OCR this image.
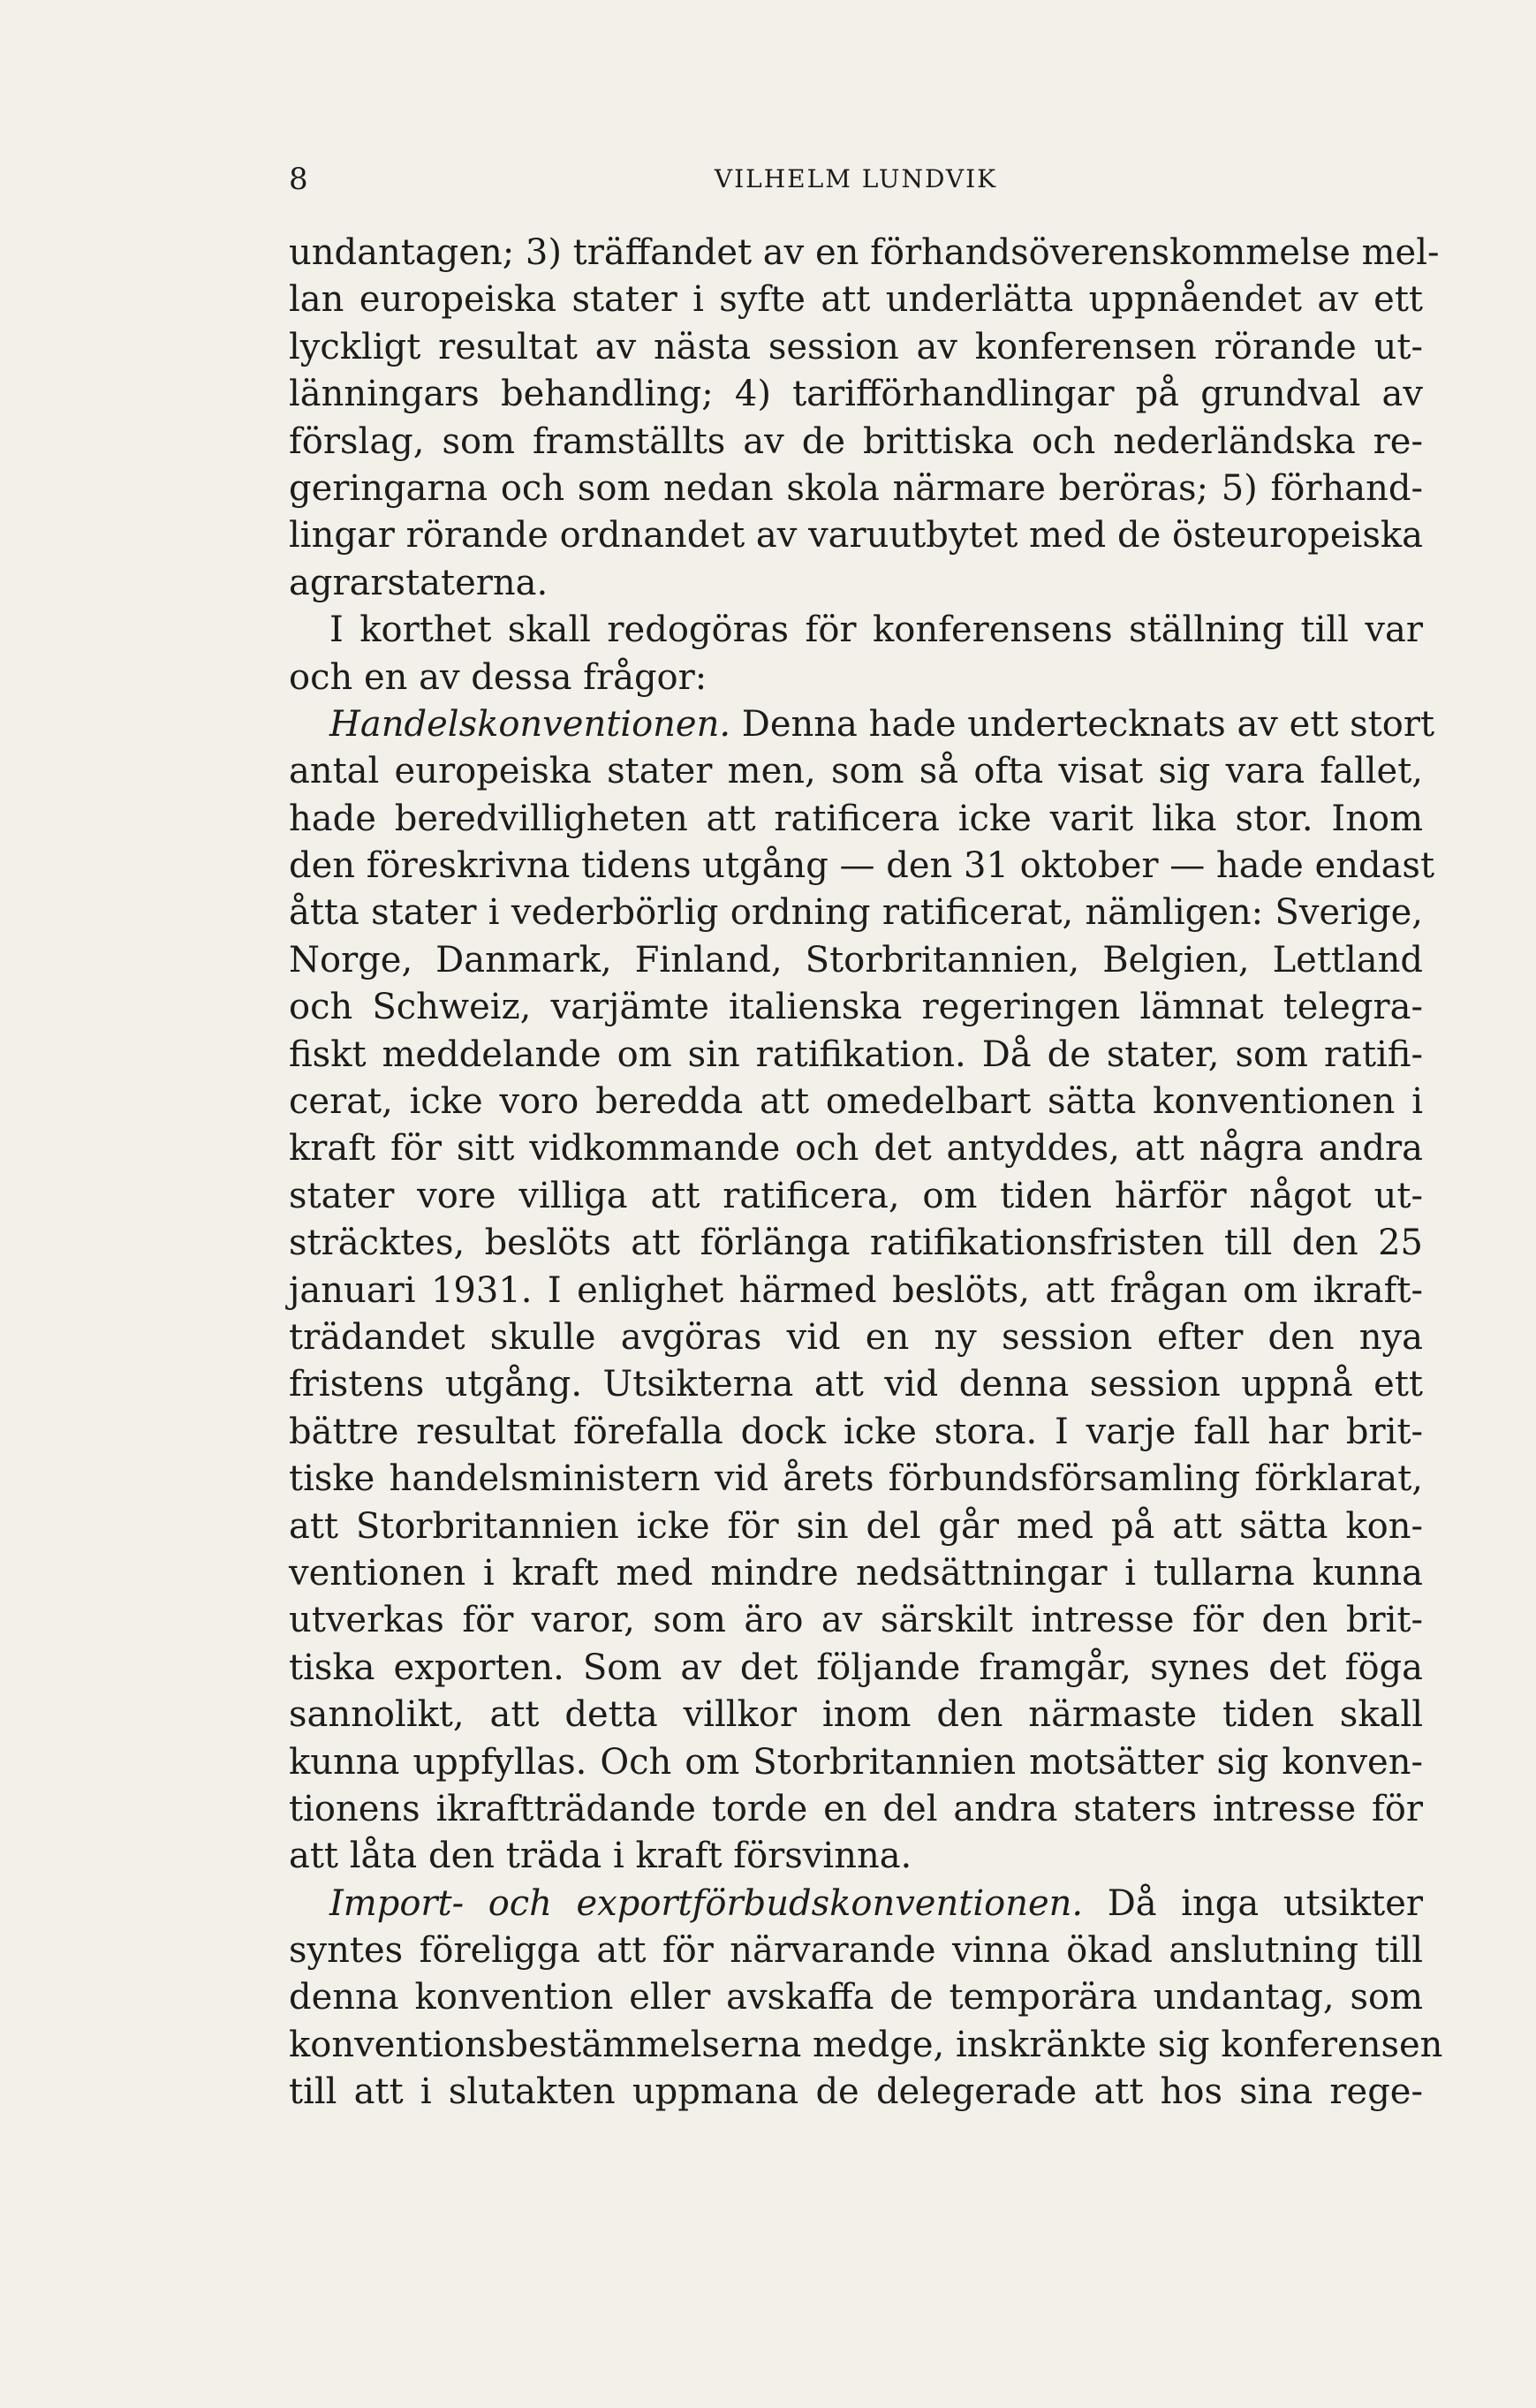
8	VILHELM LUNDVIK
undantagen; 3) träffandet av en förhandsöverenskommelse mel-
lan europeiska stater i syfte att underlätta uppnåendet av ett
lyckligt resultat av nästa session av konferensen rörande ut-
länningars behandling; 4) tarifförhandlingar på grundval av
förslag, som framställts av de brittiska och nederländska re-
geringarna och som nedan skola närmare beröras; 5) förhand-
lingar rörande ordnandet av varuutbytet med de östeuropeiska
agrarstaterna.
I korthet skall redogöras för konferensens ställning till var
och en av dessa frågor:
Handelskonventionen. Denna hade undertecknats av ett stort
antal europeiska stater men, som så ofta visat sig vara fallet,
hade beredvilligheten att ratificera icke varit lika stor. Inom
den föreskrivna tidens utgång — den 31 oktober — hade endast
åtta stater i vederbörlig ordning ratificerat, nämligen: Sverige,
Norge, Danmark, Finland, Storbritannien, Belgien, Lettland
och Schweiz, varjämte italienska regeringen lämnat telegra-
fiskt meddelande om sin ratifikation. Då de stater, som ratifi-
cerat, icke voro beredda att omedelbart sätta konventionen i
kraft för sitt vidkommande och det antyddes, att några andra
stater vore villiga att ratificera, om tiden härför något ut-
sträcktes, beslöts att förlänga ratifikationsfristen till den 25
januari 1931. I enlighet härmed beslöts, att frågan om ikraft-
trädandet skulle avgöras vid en ny session efter den nya
fristens utgång. Utsikterna att vid denna session uppnå ett
bättre resultat förefalla dock icke stora. I varje fall har brit-
tiske handelsministern vid årets förbundsförsamling förklarat,
att Storbritannien icke för sin del går med på att sätta kon-
ventionen i kraft med mindre nedsättningar i tullarna kunna
utverkas för varor, som äro av särskilt intresse för den brit-
tiska exporten. Som av det följande framgår, synes det föga
sannolikt, att detta villkor inom den närmaste tiden skall
kunna uppfyllas. Och om Storbritannien motsätter sig konven-
tionens ikraftträdande torde en del andra staters intresse för
att låta den träda i kraft försvinna.
Import- och exportförbudskonventionen. Då inga utsikter
syntes föreligga att för närvarande vinna ökad anslutning till
denna konvention eller avskaffa de temporära undantag, som
konventionsbestämmelserna medge, inskränkte sig konferensen
till att i slutakten uppmana de delegerade att hos sina rege-
